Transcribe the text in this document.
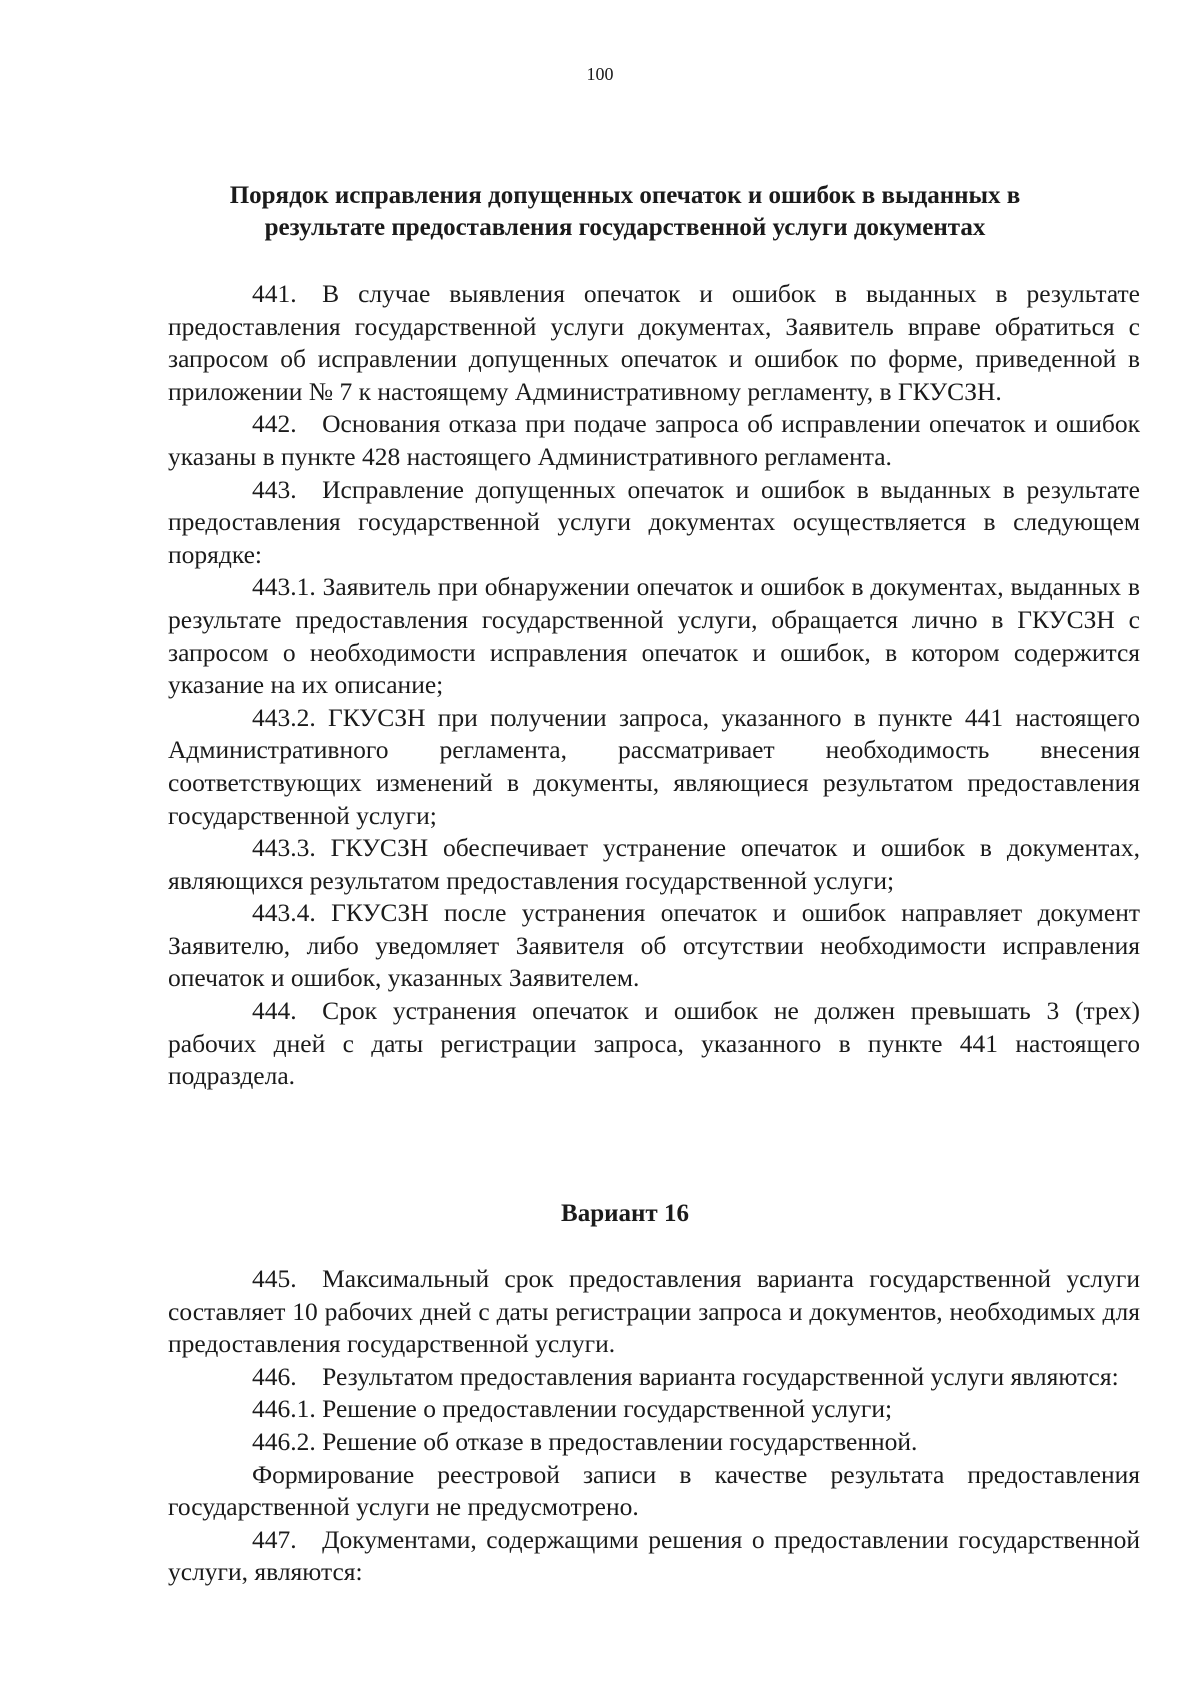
100
Порядок исправления допущенных опечаток и ошибок в выданных в
результате предоставления государственной услуги документах

441. В случае выявления опечаток и ошибок в выданных в результате предоставления государственной услуги документах, Заявитель вправе обратиться с запросом об исправлении допущенных опечаток и ошибок по форме, приведенной в приложении № 7 к настоящему Административному регламенту, в ГКУСЗН.

442. Основания отказа при подаче запроса об исправлении опечаток и ошибок указаны в пункте 428 настоящего Административного регламента.

443. Исправление допущенных опечаток и ошибок в выданных в результате предоставления государственной услуги документах осуществляется в следующем порядке:

443.1. Заявитель при обнаружении опечаток и ошибок в документах, выданных в результате предоставления государственной услуги, обращается лично в ГКУСЗН с запросом о необходимости исправления опечаток и ошибок, в котором содержится указание на их описание;

443.2. ГКУСЗН при получении запроса, указанного в пункте 441 настоящего Административного регламента, рассматривает необходимость внесения соответствующих изменений в документы, являющиеся результатом предоставления государственной услуги;

443.3. ГКУСЗН обеспечивает устранение опечаток и ошибок в документах, являющихся результатом предоставления государственной услуги;

443.4. ГКУСЗН после устранения опечаток и ошибок направляет документ Заявителю, либо уведомляет Заявителя об отсутствии необходимости исправления опечаток и ошибок, указанных Заявителем.

444. Срок устранения опечаток и ошибок не должен превышать 3 (трех) рабочих дней с даты регистрации запроса, указанного в пункте 441 настоящего подраздела.

Вариант 16

445. Максимальный срок предоставления варианта государственной услуги составляет 10 рабочих дней с даты регистрации запроса и документов, необходимых для предоставления государственной услуги.

446. Результатом предоставления варианта государственной услуги являются:

446.1. Решение о предоставлении государственной услуги;

446.2. Решение об отказе в предоставлении государственной.

Формирование реестровой записи в качестве результата предоставления государственной услуги не предусмотрено.

447. Документами, содержащими решения о предоставлении государственной услуги, являются:
